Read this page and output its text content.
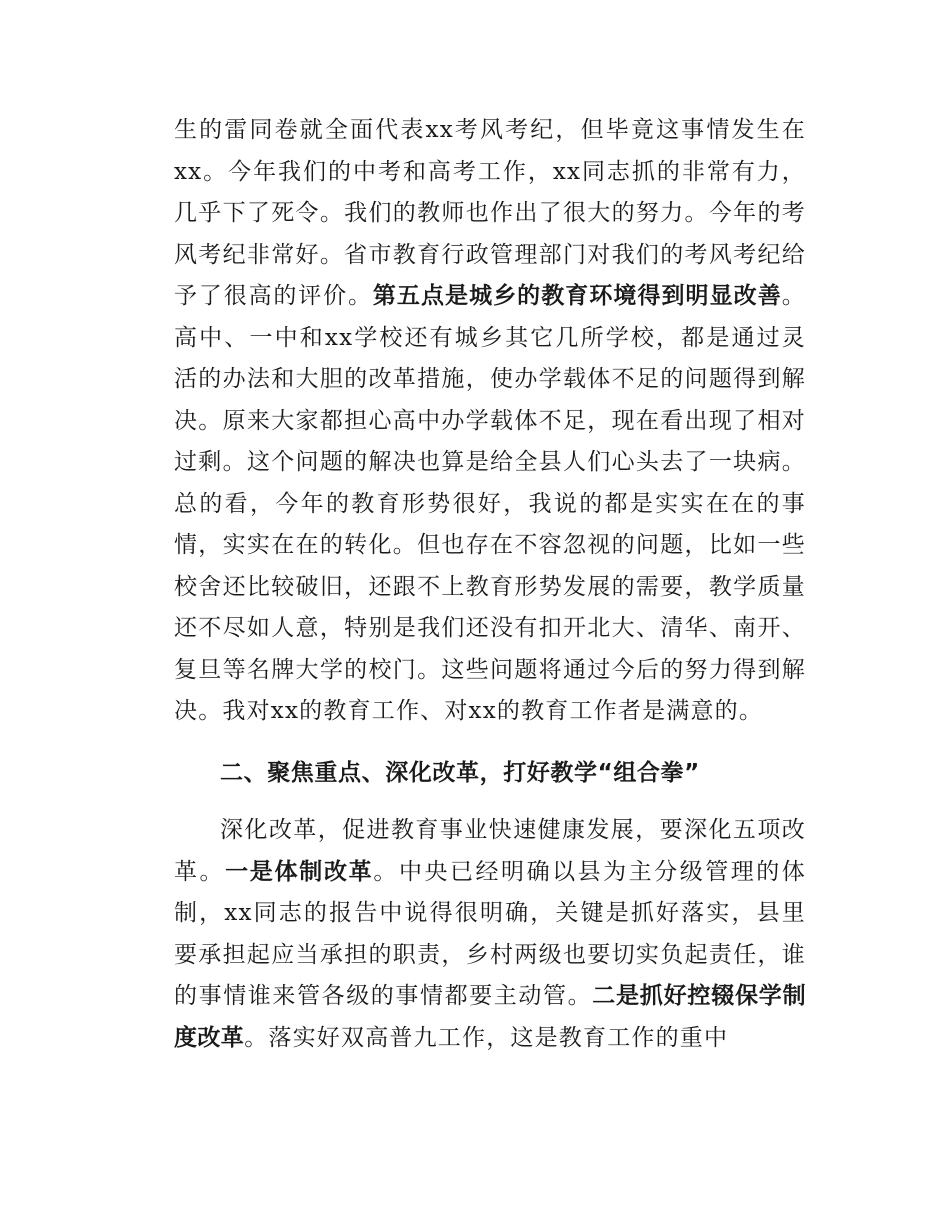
生的雷同卷就全面代表xx考风考纪，但毕竟这事情发生在xx。今年我们的中考和高考工作，xx同志抓的非常有力，几乎下了死令。我们的教师也作出了很大的努力。今年的考风考纪非常好。省市教育行政管理部门对我们的考风考纪给予了很高的评价。第五点是城乡的教育环境得到明显改善。高中、一中和xx学校还有城乡其它几所学校，都是通过灵活的办法和大胆的改革措施，使办学载体不足的问题得到解决。原来大家都担心高中办学载体不足，现在看出现了相对过剩。这个问题的解决也算是给全县人们心头去了一块病。总的看，今年的教育形势很好，我说的都是实实在在的事情，实实在在的转化。但也存在不容忽视的问题，比如一些校舍还比较破旧，还跟不上教育形势发展的需要，教学质量还不尽如人意，特别是我们还没有扣开北大、清华、南开、复旦等名牌大学的校门。这些问题将通过今后的努力得到解决。我对xx的教育工作、对xx的教育工作者是满意的。

二、聚焦重点、深化改革，打好教学“组合拳”

深化改革，促进教育事业快速健康发展，要深化五项改革。一是体制改革。中央已经明确以县为主分级管理的体制，xx同志的报告中说得很明确，关键是抓好落实，县里要承担起应当承担的职责，乡村两级也要切实负起责任，谁的事情谁来管各级的事情都要主动管。二是抓好控辍保学制度改革。落实好双高普九工作，这是教育工作的重中
